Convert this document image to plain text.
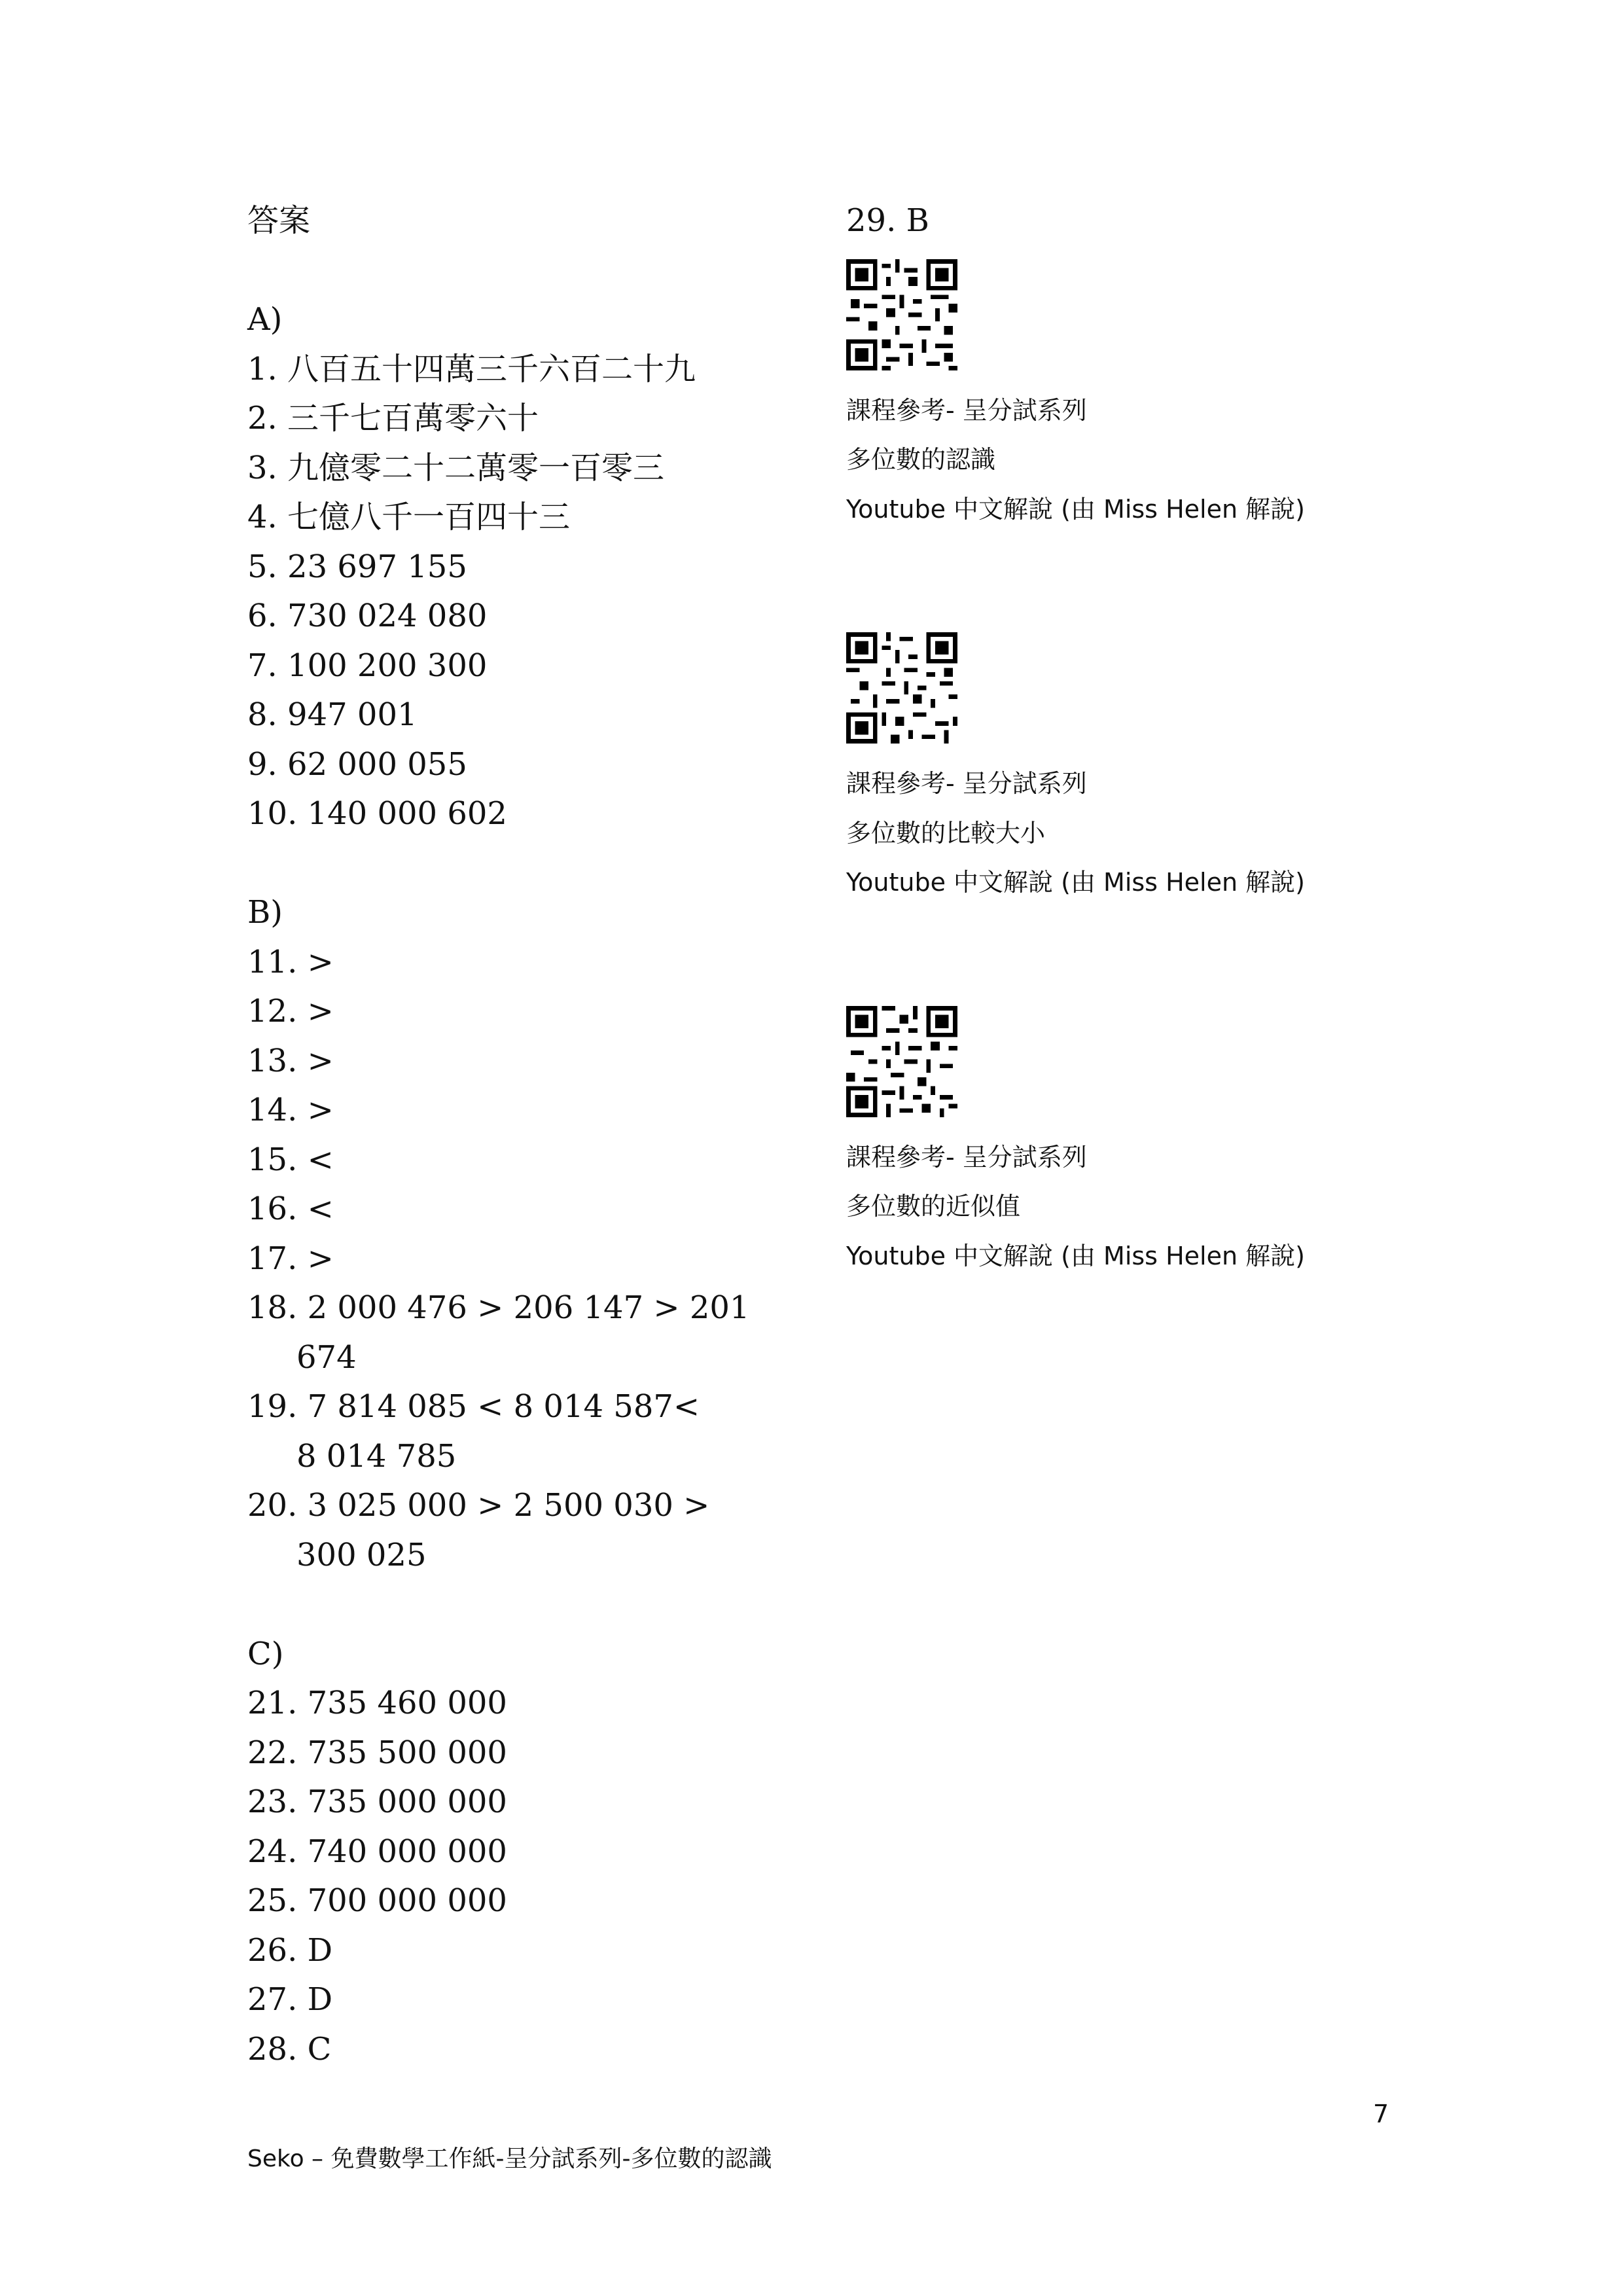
答案
A)
1. 八百五十四萬三千六百二十九
2. 三千七百萬零六十
3. 九億零二十二萬零一百零三
4. 七億八千一百四十三
5. 23 697 155
6. 730 024 080
7. 100 200 300
8. 947 001
9. 62 000 055
10. 140 000 602
B)
11. >
12. >
13. >
14. >
15. <
16. <
17. >
18. 2 000 476 > 206 147 > 201
674
19. 7 814 085 < 8 014 587<
8 014 785
20. 3 025 000 > 2 500 030 >
300 025
C)
21. 735 460 000
22. 735 500 000
23. 735 000 000
24. 740 000 000
25. 700 000 000
26. D
27. D
28. C
29. B
課程參考- 呈分試系列
多位數的認識
Youtube 中文解說 (由 Miss Helen 解說)
課程參考- 呈分試系列
多位數的比較大小
Youtube 中文解說 (由 Miss Helen 解說)
課程參考- 呈分試系列
多位數的近似值
Youtube 中文解說 (由 Miss Helen 解說)
7
Seko – 免費數學工作紙-呈分試系列-多位數的認識
